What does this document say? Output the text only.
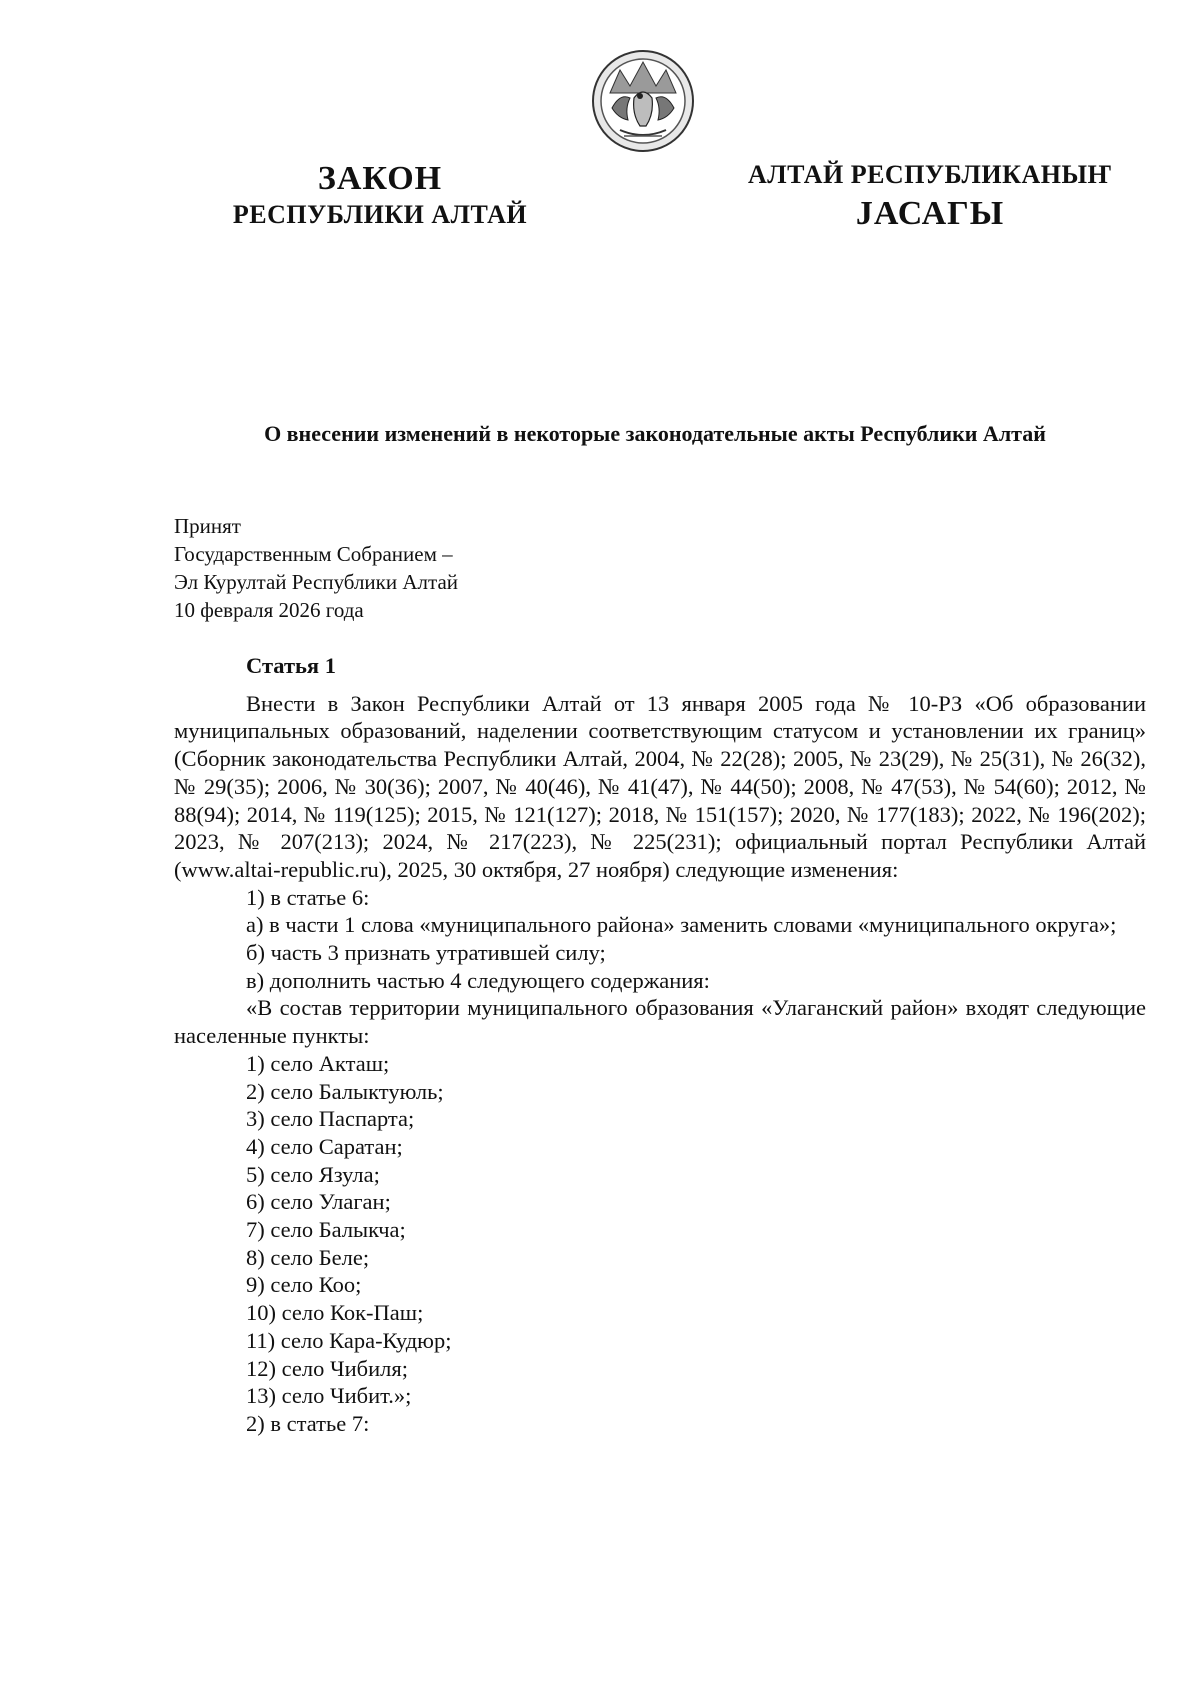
ЗАКОН
РЕСПУБЛИКИ АЛТАЙ
АЛТАЙ РЕСПУБЛИКАНЫҤ
JАСАГЫ
О внесении изменений в некоторые законодательные акты Республики Алтай
Принят
Государственным Собранием –
Эл Курултай Республики Алтай
10 февраля 2026 года
Статья 1

Внести в Закон Республики Алтай от 13 января 2005 года № 10-РЗ «Об образовании муниципальных образований, наделении соответствующим статусом и установлении их границ» (Сборник законодательства Республики Алтай, 2004, № 22(28); 2005, № 23(29), № 25(31), № 26(32), № 29(35); 2006, № 30(36); 2007, № 40(46), № 41(47), № 44(50); 2008, № 47(53), № 54(60); 2012, № 88(94); 2014, № 119(125); 2015, № 121(127); 2018, № 151(157); 2020, № 177(183); 2022, № 196(202); 2023, № 207(213); 2024, № 217(223), № 225(231); официальный портал Республики Алтай (www.altai-republic.ru), 2025, 30 октября, 27 ноября) следующие изменения:

1) в статье 6:

а) в части 1 слова «муниципального района» заменить словами «муниципального округа»;

б) часть 3 признать утратившей силу;

в) дополнить частью 4 следующего содержания:

«В состав территории муниципального образования «Улаганский район» входят следующие населенные пункты:

1) село Акташ;

2) село Балыктуюль;

3) село Паспарта;

4) село Саратан;

5) село Язула;

6) село Улаган;

7) село Балыкча;

8) село Беле;

9) село Коо;

10) село Кок-Паш;

11) село Кара-Кудюр;

12) село Чибиля;

13) село Чибит.»;

2) в статье 7:
